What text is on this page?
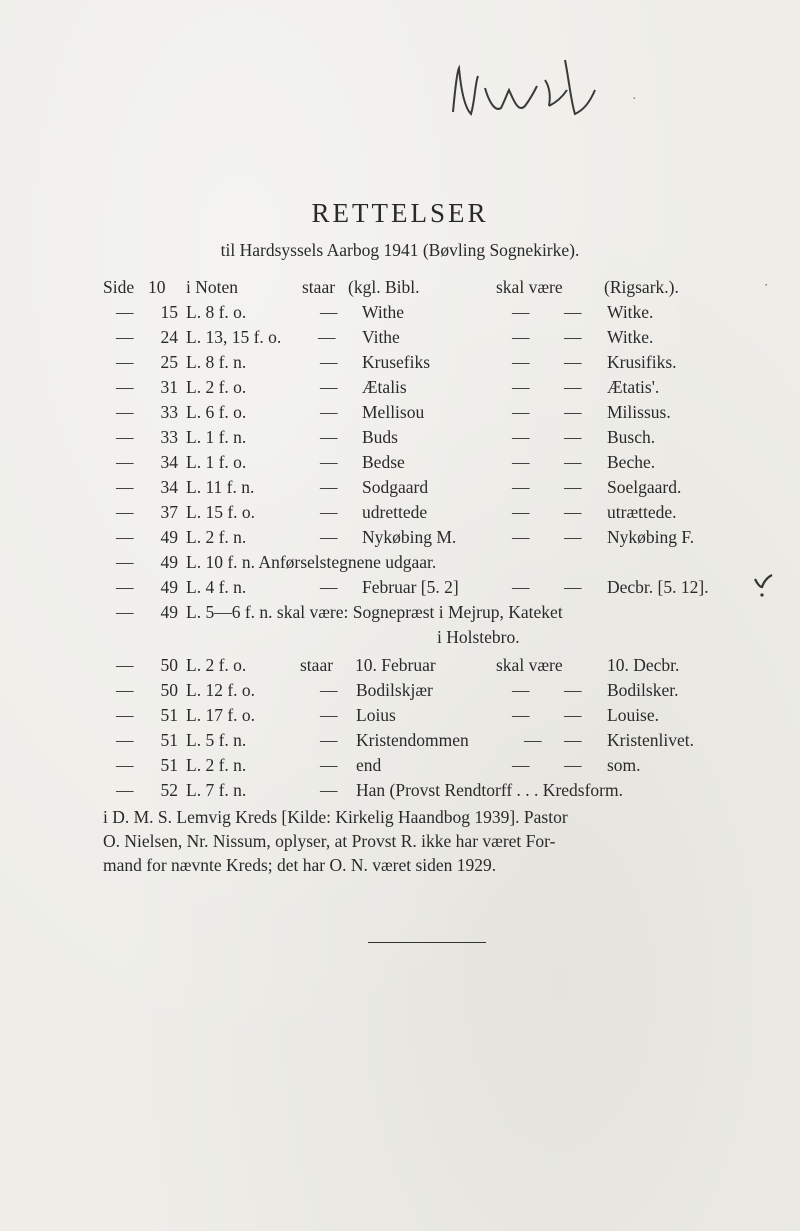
·
RETTELSER
til Hardsyssels Aarbog 1941 (Bøvling Sognekirke).
Side 10 i Noten	staar (kgl. Bibl.	skal være (Rigsark.).	·
—	15 L. 8 f. o.	— Withe	— — Witke.
—	24 L. 13, 15 f. o. — Vithe	— — Witke.
—	25 L. 8 f. n.	— Krusefiks	— — Krusifiks.
—	31 L. 2 f. o.	— Ætalis	— — Ætatis'.
—	33 L. 6 f. o.	— Mellisou	— — Milissus.
—	33 L. 1 f. n.	— Buds	— — Busch.
—	34 L. 1 f. o.	— Bedse	— — Beche.
—	34 L. 11 f. n.	— Sodgaard	— — Soelgaard.
—	37 L. 15 f. o.	— udrettede	— — utrættede.
—	49 L. 2 f. n.	— Nykøbing M.	— — Nykøbing F.
—	49 L. 10 f. n. Anførselstegnene udgaar.
—	49 L. 4 f. n.	— Februar [5. 2]	— — Decbr. [5. 12].
—	49 L. 5—6 f. n. skal være: Sognepræst i Mejrup, Kateket
i Holstebro.
—	50 L. 2 f. o.	staar 10. Februar	skal være	10. Decbr.
—	50 L. 12 f. o.	— Bodilskjær	— — Bodilsker.
—	51 L. 17 f. o.	— Loius	— — Louise.
—	51 L. 5 f. n.	— Kristendommen	— — Kristenlivet.
—	51 L. 2 f. n.	— end	— — som.
—	52 L. 7 f. n.	— Han (Provst Rendtorff . . . Kredsform.
i D. M. S. Lemvig Kreds [Kilde: Kirkelig Haandbog 1939]. Pastor
O. Nielsen, Nr. Nissum, oplyser, at Provst R. ikke har været For-
mand for nævnte Kreds; det har O. N. været siden 1929.
